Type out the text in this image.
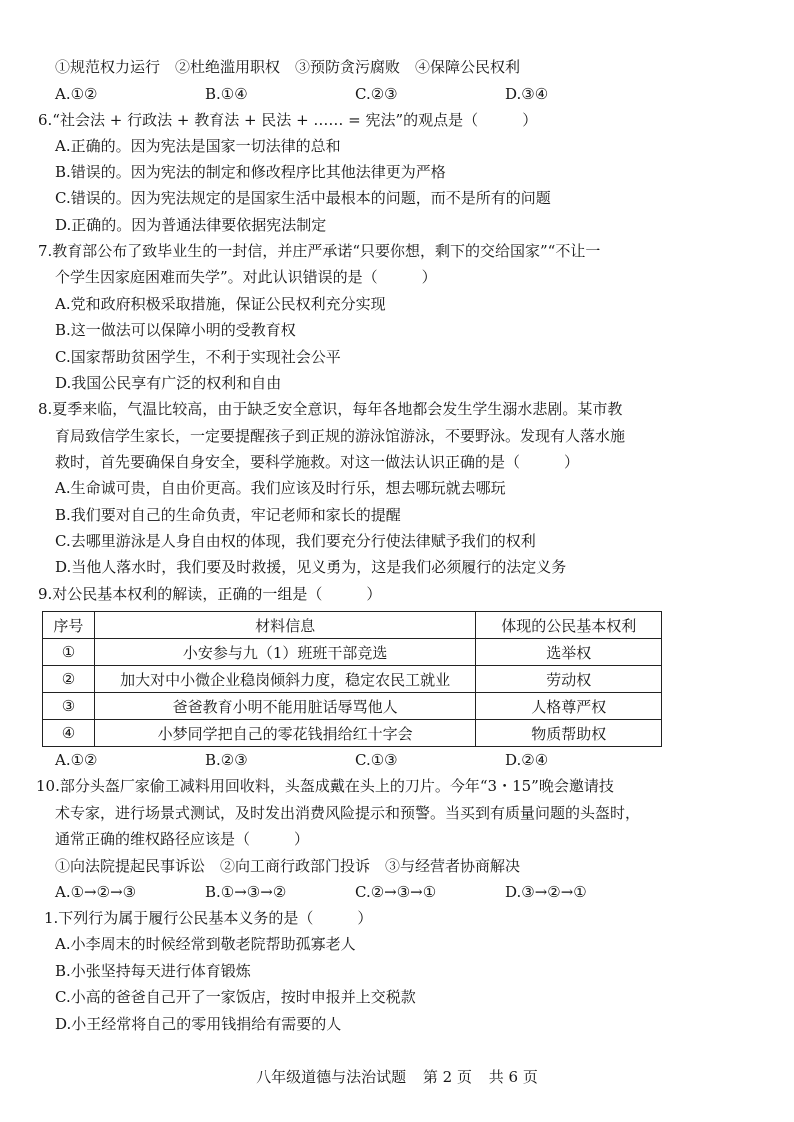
①规范权力运行　②杜绝滥用职权　③预防贪污腐败　④保障公民权利
A.①②	B.①④	C.②③	D.③④
6.“社会法 + 行政法 + 教育法 + 民法 + …… = 宪法”的观点是（	）
A.正确的。因为宪法是国家一切法律的总和
B.错误的。因为宪法的制定和修改程序比其他法律更为严格
C.错误的。因为宪法规定的是国家生活中最根本的问题，而不是所有的问题
D.正确的。因为普通法律要依据宪法制定
7.教育部公布了致毕业生的一封信，并庄严承诺“只要你想，剩下的交给国家”“不让一
个学生因家庭困难而失学”。对此认识错误的是（	）
A.党和政府积极采取措施，保证公民权利充分实现
B.这一做法可以保障小明的受教育权
C.国家帮助贫困学生，不利于实现社会公平
D.我国公民享有广泛的权利和自由
8.夏季来临，气温比较高，由于缺乏安全意识，每年各地都会发生学生溺水悲剧。某市教
育局致信学生家长，一定要提醒孩子到正规的游泳馆游泳，不要野泳。发现有人落水施
救时，首先要确保自身安全，要科学施救。对这一做法认识正确的是（	）
A.生命诚可贵，自由价更高。我们应该及时行乐，想去哪玩就去哪玩
B.我们要对自己的生命负责，牢记老师和家长的提醒
C.去哪里游泳是人身自由权的体现，我们要充分行使法律赋予我们的权利
D.当他人落水时，我们要及时救援，见义勇为，这是我们必须履行的法定义务
9.对公民基本权利的解读，正确的一组是（	）
序号	材料信息	体现的公民基本权利
①	小安参与九（1）班班干部竞选	选举权
②	加大对中小微企业稳岗倾斜力度，稳定农民工就业	劳动权
③	爸爸教育小明不能用脏话辱骂他人	人格尊严权
④	小梦同学把自己的零花钱捐给红十字会	物质帮助权
A.①②	B.②③	C.①③	D.②④
10.部分头盔厂家偷工减料用回收料，头盔成戴在头上的刀片。今年“3・15”晚会邀请技
术专家，进行场景式测试，及时发出消费风险提示和预警。当买到有质量问题的头盔时，
通常正确的维权路径应该是（	）
①向法院提起民事诉讼　②向工商行政部门投诉　③与经营者协商解决
A.①→②→③	B.①→③→②	C.②→③→①	D.③→②→①
1.下列行为属于履行公民基本义务的是（	）
A.小李周末的时候经常到敬老院帮助孤寡老人
B.小张坚持每天进行体育锻炼
C.小高的爸爸自己开了一家饭店，按时申报并上交税款
D.小王经常将自己的零用钱捐给有需要的人
八年级道德与法治试题 第 2 页 共 6 页
